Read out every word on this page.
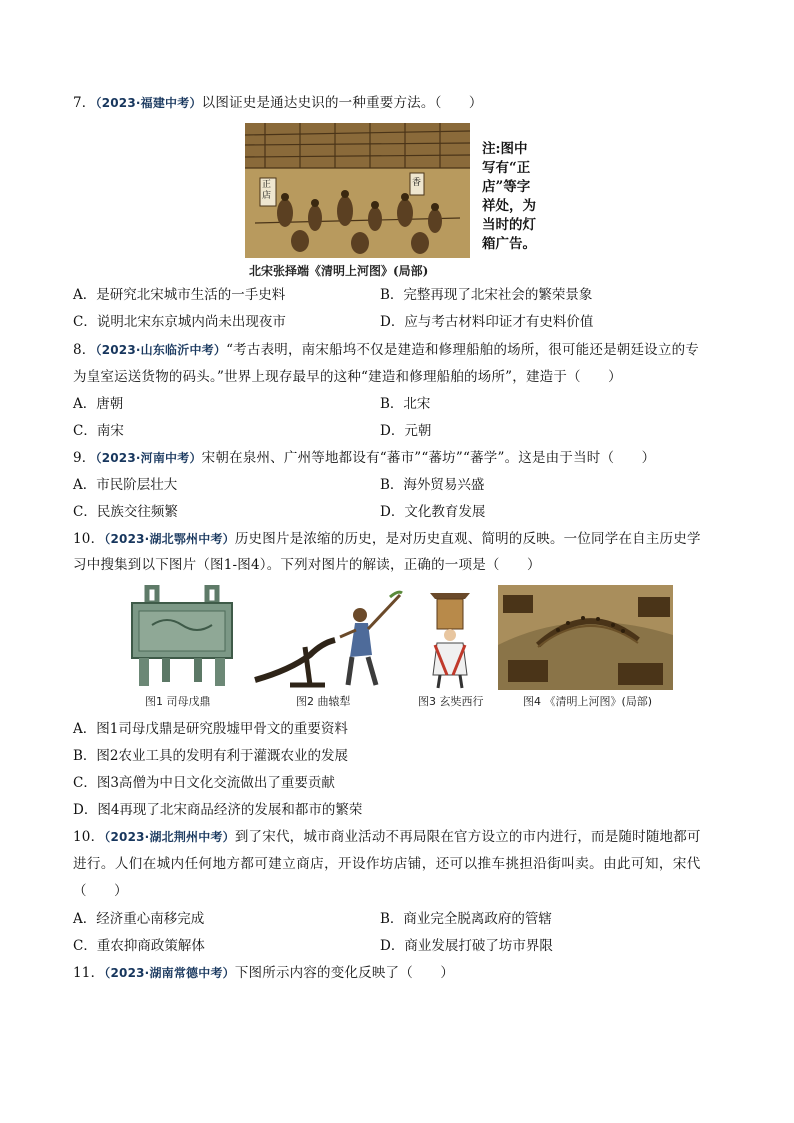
7．（2023·福建中考）以图证史是通达史识的一种重要方法。（　　）
正店
香
注:图中
写有“正
店”等字
祥处，为
当时的灯
箱广告。
北宋张择端《清明上河图》(局部)
A．是研究北宋城市生活的一手史料	B．完整再现了北宋社会的繁荣景象
C．说明北宋东京城内尚未出现夜市	D．应与考古材料印证才有史料价值
8．（2023·山东临沂中考）“考古表明，南宋船坞不仅是建造和修理船舶的场所，很可能还是朝廷设立的专
为皇室运送货物的码头。”世界上现存最早的这种“建造和修理船舶的场所”，建造于（　　）
A．唐朝	B．北宋
C．南宋	D．元朝
9．（2023·河南中考）宋朝在泉州、广州等地都设有“蕃市”“蕃坊”“蕃学”。这是由于当时（　　）
A．市民阶层壮大	B．海外贸易兴盛
C．民族交往频繁	D．文化教育发展
10．（2023·湖北鄂州中考）历史图片是浓缩的历史，是对历史直观、简明的反映。一位同学在自主历史学
习中搜集到以下图片（图1-图4）。下列对图片的解读，正确的一项是（　　）
图1 司母戊鼎	图2 曲辕犁	图3 玄奘西行	图4 《清明上河图》(局部)
A．图1司母戊鼎是研究殷墟甲骨文的重要资料
B．图2农业工具的发明有利于灌溉农业的发展
C．图3高僧为中日文化交流做出了重要贡献
D．图4再现了北宋商品经济的发展和都市的繁荣
10．（2023·湖北荆州中考）到了宋代，城市商业活动不再局限在官方设立的市内进行，而是随时随地都可
进行。人们在城内任何地方都可建立商店，开设作坊店铺，还可以推车挑担沿街叫卖。由此可知，宋代
（　　）
A．经济重心南移完成	B．商业完全脱离政府的管辖
C．重农抑商政策解体	D．商业发展打破了坊市界限
11．（2023·湖南常德中考）下图所示内容的变化反映了（　　）
